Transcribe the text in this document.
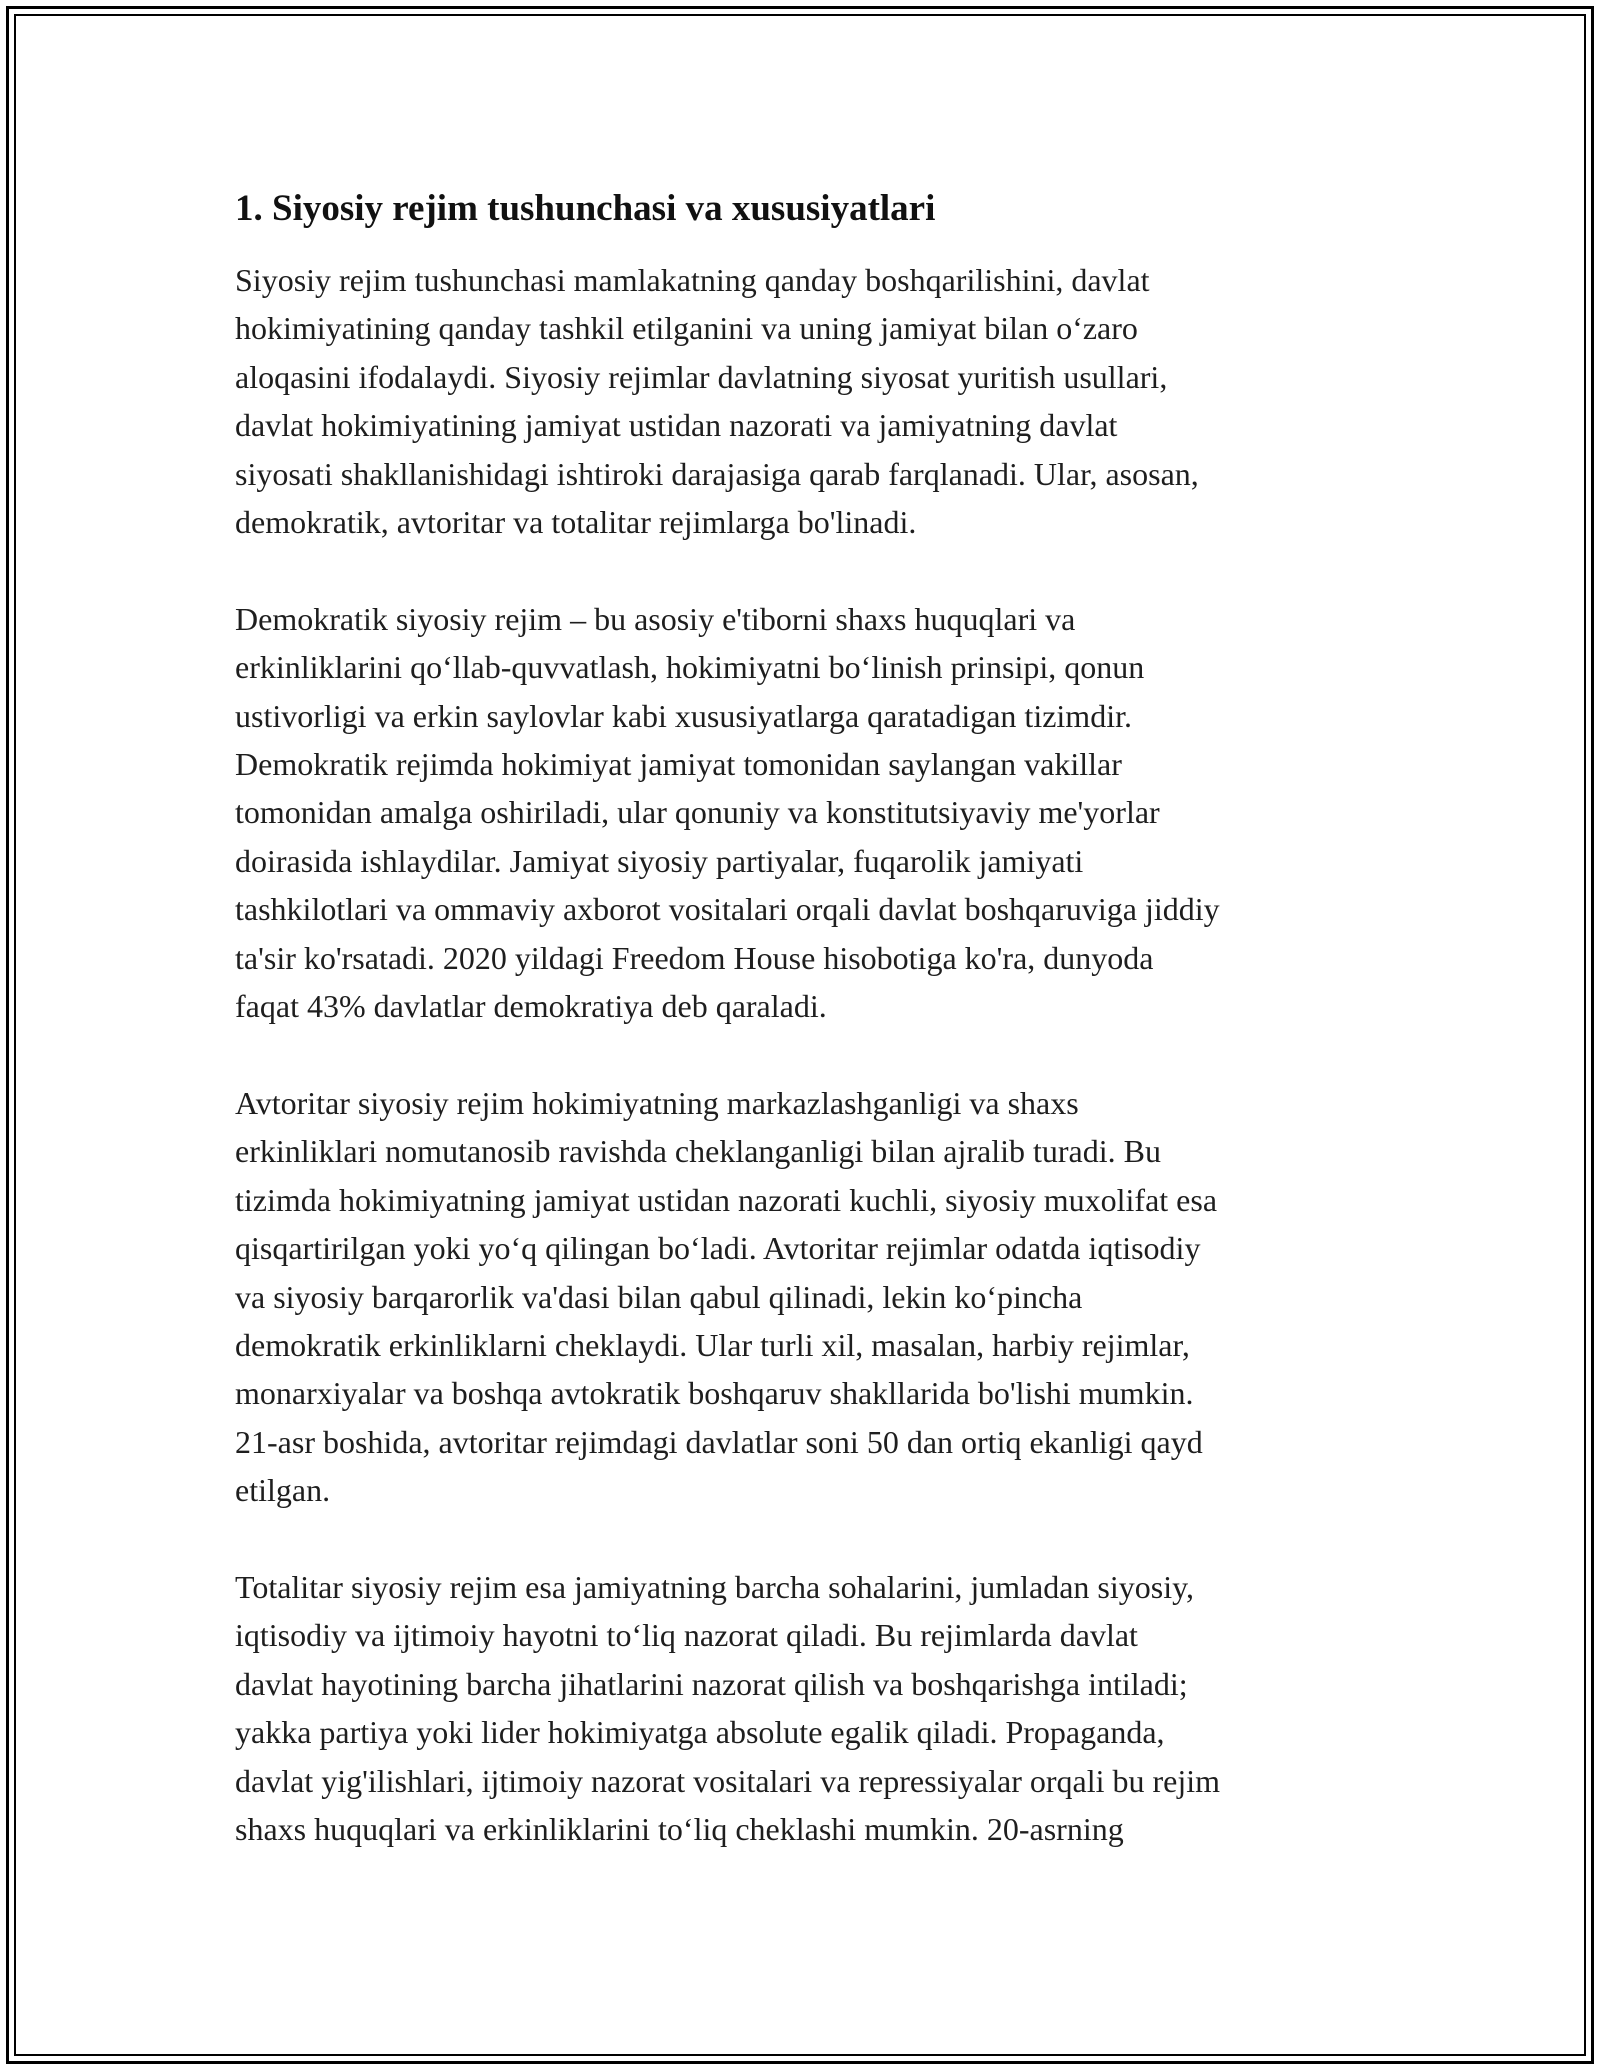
1. Siyosiy rejim tushunchasi va xususiyatlari

Siyosiy rejim tushunchasi mamlakatning qanday boshqarilishini, davlat
hokimiyatining qanday tashkil etilganini va uning jamiyat bilan o‘zaro
aloqasini ifodalaydi. Siyosiy rejimlar davlatning siyosat yuritish usullari,
davlat hokimiyatining jamiyat ustidan nazorati va jamiyatning davlat
siyosati shakllanishidagi ishtiroki darajasiga qarab farqlanadi. Ular, asosan,
demokratik, avtoritar va totalitar rejimlarga bo'linadi.

Demokratik siyosiy rejim – bu asosiy e'tiborni shaxs huquqlari va
erkinliklarini qo‘llab-quvvatlash, hokimiyatni bo‘linish prinsipi, qonun
ustivorligi va erkin saylovlar kabi xususiyatlarga qaratadigan tizimdir.
Demokratik rejimda hokimiyat jamiyat tomonidan saylangan vakillar
tomonidan amalga oshiriladi, ular qonuniy va konstitutsiyaviy me'yorlar
doirasida ishlaydilar. Jamiyat siyosiy partiyalar, fuqarolik jamiyati
tashkilotlari va ommaviy axborot vositalari orqali davlat boshqaruviga jiddiy
ta'sir ko'rsatadi. 2020 yildagi Freedom House hisobotiga ko'ra, dunyoda
faqat 43% davlatlar demokratiya deb qaraladi.

Avtoritar siyosiy rejim hokimiyatning markazlashganligi va shaxs
erkinliklari nomutanosib ravishda cheklanganligi bilan ajralib turadi. Bu
tizimda hokimiyatning jamiyat ustidan nazorati kuchli, siyosiy muxolifat esa
qisqartirilgan yoki yo‘q qilingan bo‘ladi. Avtoritar rejimlar odatda iqtisodiy
va siyosiy barqarorlik va'dasi bilan qabul qilinadi, lekin ko‘pincha
demokratik erkinliklarni cheklaydi. Ular turli xil, masalan, harbiy rejimlar,
monarxiyalar va boshqa avtokratik boshqaruv shakllarida bo'lishi mumkin.
21-asr boshida, avtoritar rejimdagi davlatlar soni 50 dan ortiq ekanligi qayd
etilgan.

Totalitar siyosiy rejim esa jamiyatning barcha sohalarini, jumladan siyosiy,
iqtisodiy va ijtimoiy hayotni to‘liq nazorat qiladi. Bu rejimlarda davlat
davlat hayotining barcha jihatlarini nazorat qilish va boshqarishga intiladi;
yakka partiya yoki lider hokimiyatga absolute egalik qiladi. Propaganda,
davlat yig'ilishlari, ijtimoiy nazorat vositalari va repressiyalar orqali bu rejim
shaxs huquqlari va erkinliklarini to‘liq cheklashi mumkin. 20-asrning
